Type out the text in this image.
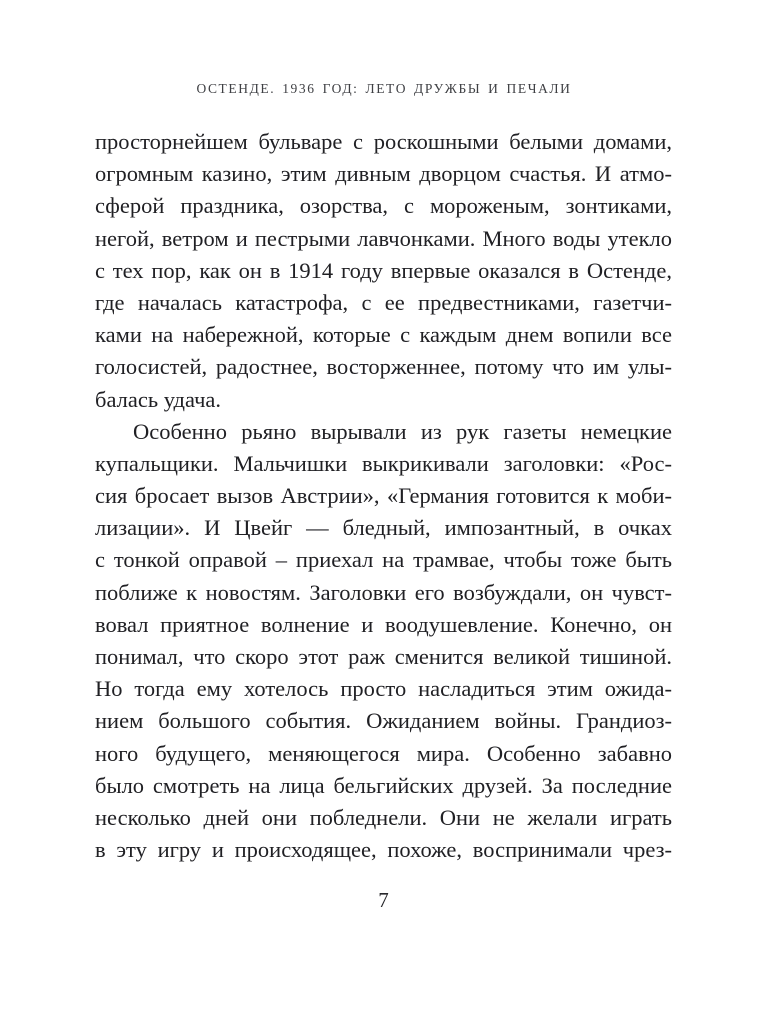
ОСТЕНДЕ. 1936 ГОД: ЛЕТО ДРУЖБЫ И ПЕЧАЛИ
просторнейшем бульваре с роскошными белыми домами,
огромным казино, этим дивным дворцом счастья. И атмо-
сферой праздника, озорства, с мороженым, зонтиками,
негой, ветром и пестрыми лавчонками. Много воды утекло
с тех пор, как он в 1914 году впервые оказался в Остенде,
где началась катастрофа, с ее предвестниками, газетчи-
ками на набережной, которые с каждым днем вопили все
голосистей, радостнее, восторженнее, потому что им улы-
балась удача.
Особенно рьяно вырывали из рук газеты немецкие
купальщики. Мальчишки выкрикивали заголовки: «Рос-
сия бросает вызов Австрии», «Германия готовится к моби-
лизации». И Цвейг — бледный, импозантный, в очках
с тонкой оправой – приехал на трамвае, чтобы тоже быть
поближе к новостям. Заголовки его возбуждали, он чувст-
вовал приятное волнение и воодушевление. Конечно, он
понимал, что скоро этот раж сменится великой тишиной.
Но тогда ему хотелось просто насладиться этим ожида-
нием большого события. Ожиданием войны. Грандиоз-
ного будущего, меняющегося мира. Особенно забавно
было смотреть на лица бельгийских друзей. За последние
несколько дней они побледнели. Они не желали играть
в эту игру и происходящее, похоже, воспринимали чрез-
7
